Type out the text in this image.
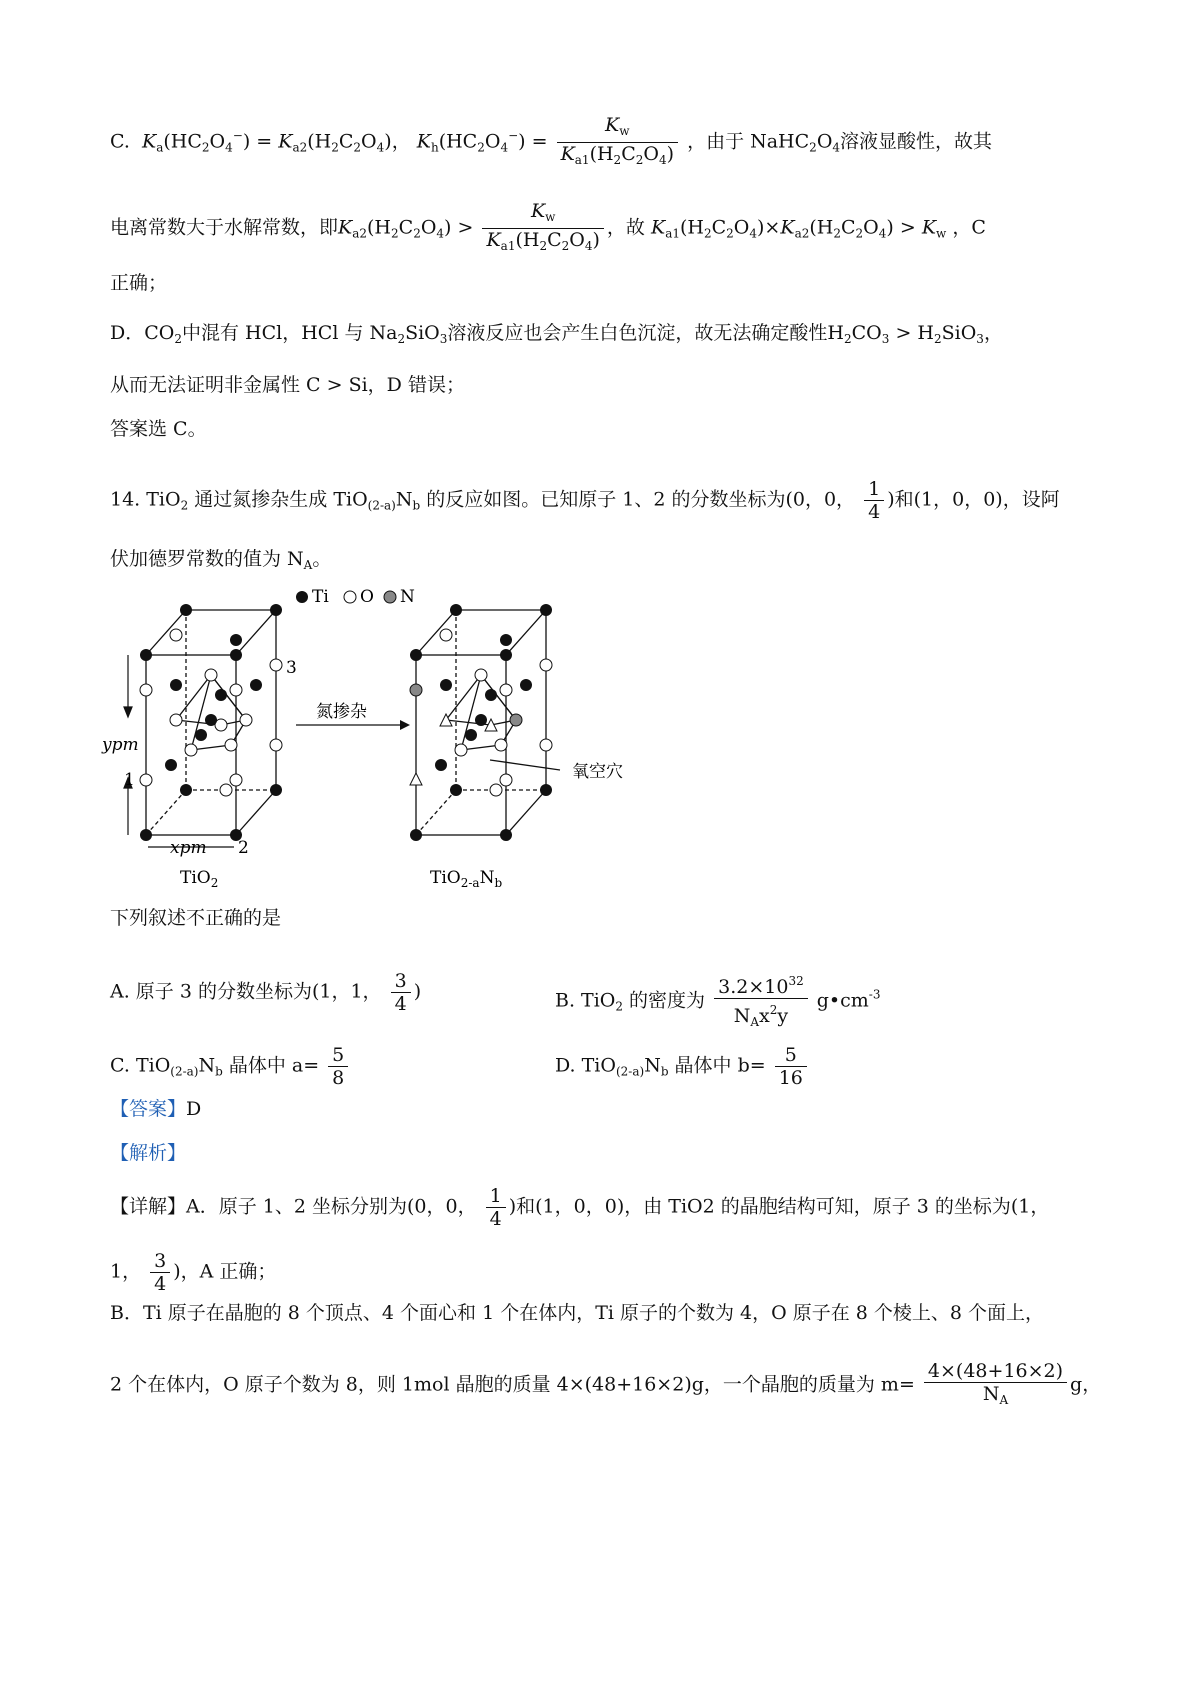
C. $K_a(HC_2O_4^-) = K_{a2}(H_2C_2O_4)$， $K_h(HC_2O_4^-) = \frac{K_w}{K_{a1}(H_2C_2O_4)}$ ，由于 $NaHC_2O_4$溶液显酸性，故其
电离常数大于水解常数，即$K_{a2}(H_2C_2O_4) > \frac{K_w}{K_{a1}(H_2C_2O_4)}$ ，故 $K_{a1}(H_2C_2O_4)\times K_{a2}(H_2C_2O_4) > K_w$ ，C
正确；
D．$CO_2$中混有 HCl，HCl 与 $Na_2SiO_3$溶液反应也会产生白色沉淀，故无法确定酸性$H_2CO_3 > H_2SiO_3$，
从而无法证明非金属性 C > Si，D 错误；
答案选 C。
14. TiO$_2$ 通过氮掺杂生成 $TiO_{(2-a)}N_b$ 的反应如图。已知原子 1、2 的分数坐标为(0，0， $\frac{1}{4}$ )和(1，0，0)，设阿
伏加德罗常数的值为 $N_A$。
Ti O N
ypm
1
2
3
xpm
TiO$_2$
氮掺杂
氧空穴
$TiO_{2-a}N_b$
下列叙述不正确的是
A. 原子 3 的分数坐标为(1，1， $\frac{3}{4}$ )	B. TiO$_2$ 的密度为 $\frac{3.2\times 10^{32}}{N_Ax^2y}$ $g•cm^{-3}$
C. $TiO_{(2-a)}N_b$ 晶体中 $a= \frac{5}{8}$	D. $TiO_{(2-a)}N_b$ 晶体中 $b= \frac{5}{16}$
【答案】D
【解析】
【详解】A．原子 1、2 坐标分别为(0，0， $\frac{1}{4}$ )和(1，0，0)，由 TiO2 的晶胞结构可知，原子 3 的坐标为(1，
1， $\frac{3}{4}$ )，A 正确；
B．Ti 原子在晶胞的 8 个顶点、4 个面心和 1 个在体内，Ti 原子的个数为 4，O 原子在 8 个棱上、8 个面上，
2 个在体内，O 原子个数为 8，则 1mol 晶胞的质量 4×(48+16×2)g，一个晶胞的质量为 $m= \frac{4\times(48+16\times 2)}{N_A}$ g，
